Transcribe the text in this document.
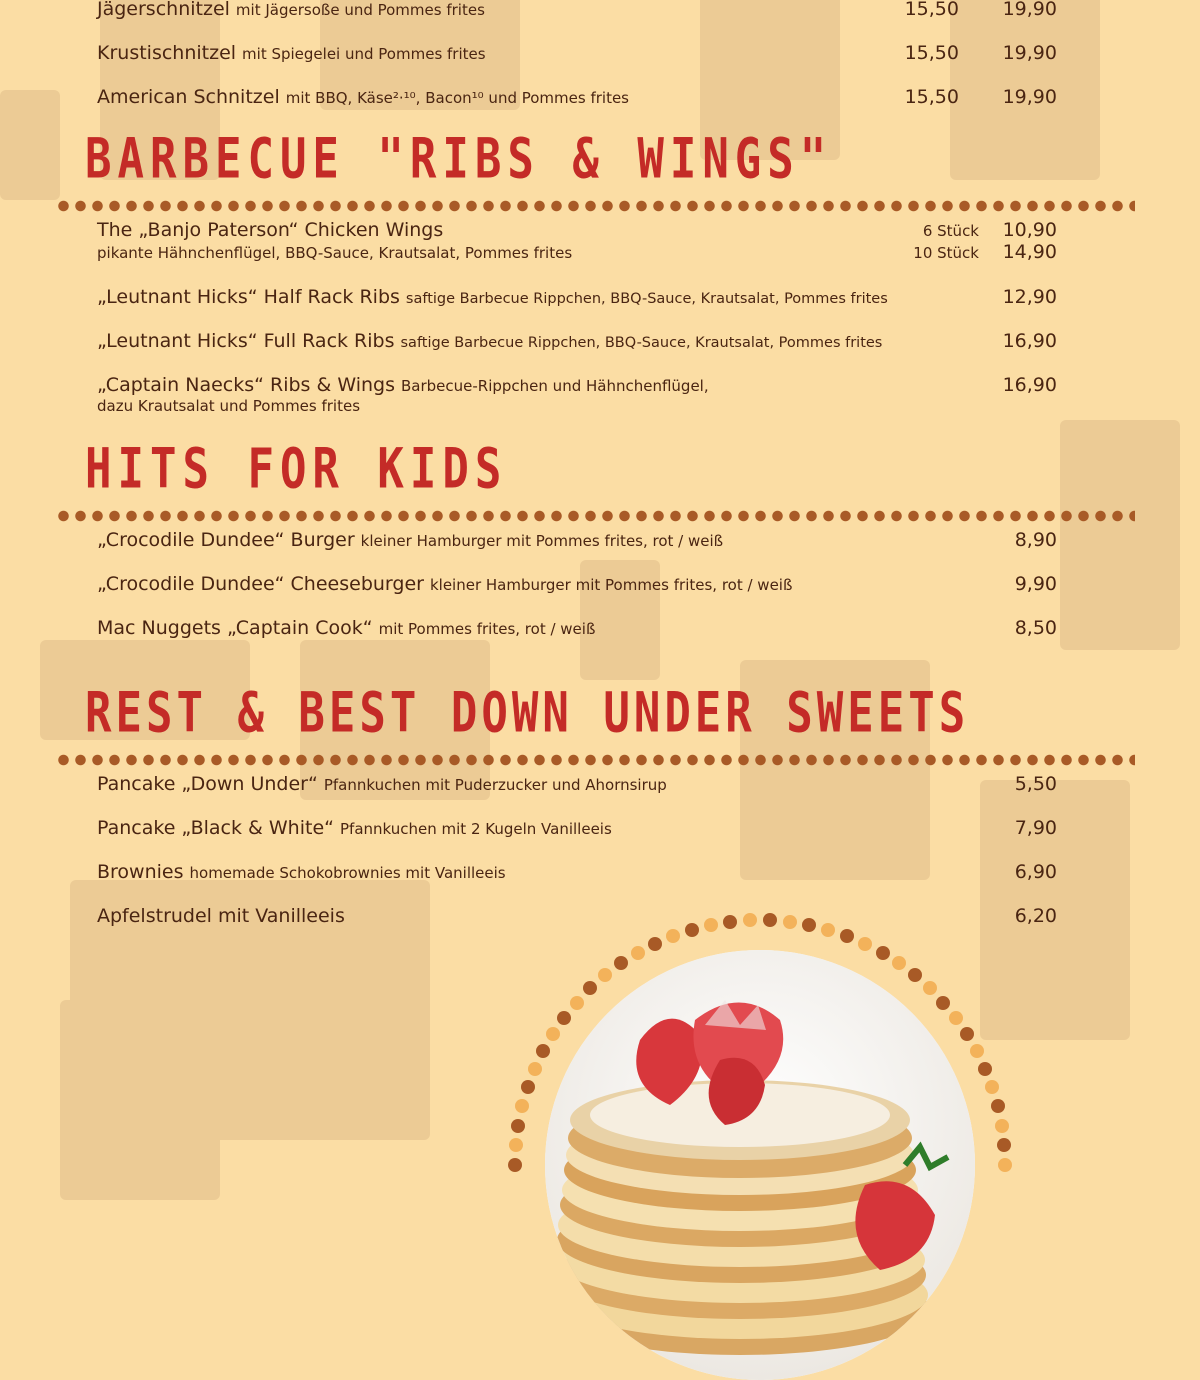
Jägerschnitzel mit Jägersoße und Pommes frites	15,50 19,90
Krustischnitzel mit Spiegelei und Pommes frites	15,50 19,90
American Schnitzel mit BBQ, Käse²·¹⁰, Bacon¹⁰ und Pommes frites	15,50 19,90
BARBECUE "RIBS & WINGS"
The „Banjo Paterson“ Chicken Wings	6 Stück 10,90
pikante Hähnchenflügel, BBQ-Sauce, Krautsalat, Pommes frites	10 Stück 14,90
„Leutnant Hicks“ Half Rack Ribs saftige Barbecue Rippchen, BBQ-Sauce, Krautsalat, Pommes frites	12,90
„Leutnant Hicks“ Full Rack Ribs saftige Barbecue Rippchen, BBQ-Sauce, Krautsalat, Pommes frites	16,90
„Captain Naecks“ Ribs & Wings Barbecue-Rippchen und Hähnchenflügel,	16,90
dazu Krautsalat und Pommes frites
HITS FOR KIDS
„Crocodile Dundee“ Burger kleiner Hamburger mit Pommes frites, rot / weiß	8,90
„Crocodile Dundee“ Cheeseburger kleiner Hamburger mit Pommes frites, rot / weiß	9,90
Mac Nuggets „Captain Cook“ mit Pommes frites, rot / weiß	8,50
REST & BEST DOWN UNDER SWEETS
Pancake „Down Under“ Pfannkuchen mit Puderzucker und Ahornsirup	5,50
Pancake „Black & White“ Pfannkuchen mit 2 Kugeln Vanilleeis	7,90
Brownies homemade Schokobrownies mit Vanilleeis	6,90
Apfelstrudel mit Vanilleeis	6,20
